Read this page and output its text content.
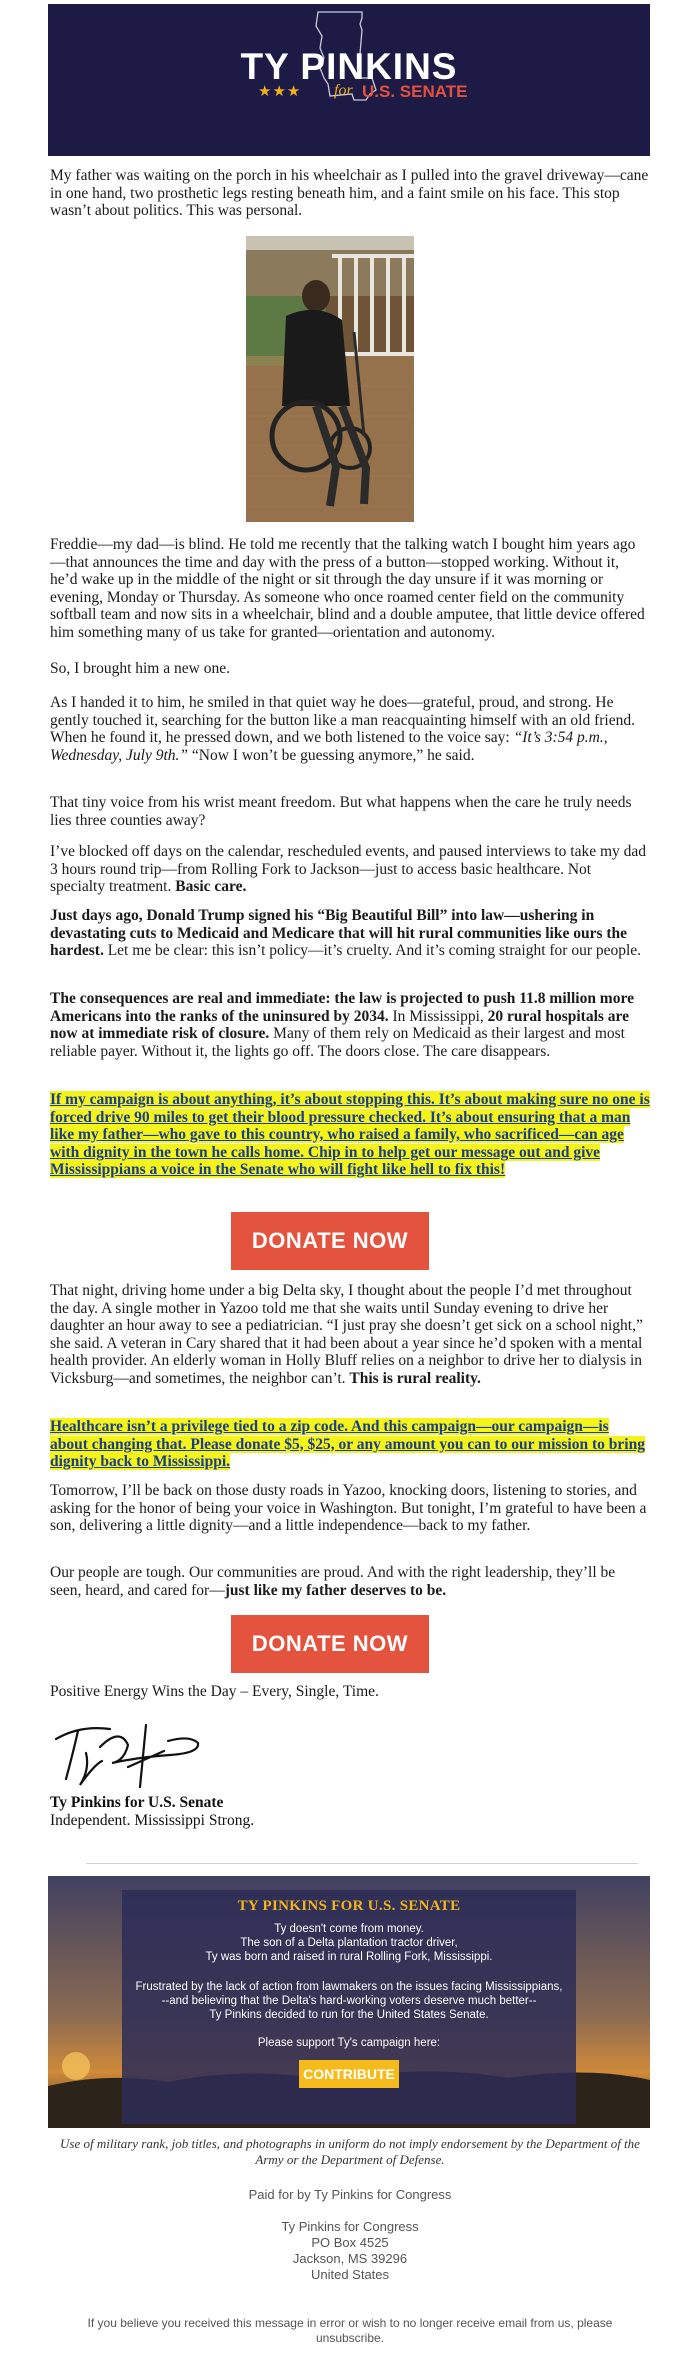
TY PINKINS
★★★ for U.S. SENATE

My father was waiting on the porch in his wheelchair as I pulled into the gravel driveway—cane in one hand, two prosthetic legs resting beneath him, and a faint smile on his face. This stop wasn’t about politics. This was personal.

Freddie—my dad—is blind. He told me recently that the talking watch I bought him years ago—that announces the time and day with the press of a button—stopped working. Without it, he’d wake up in the middle of the night or sit through the day unsure if it was morning or evening, Monday or Thursday. As someone who once roamed center field on the community softball team and now sits in a wheelchair, blind and a double amputee, that little device offered him something many of us take for granted—orientation and autonomy.

So, I brought him a new one.

As I handed it to him, he smiled in that quiet way he does—grateful, proud, and strong. He gently touched it, searching for the button like a man reacquainting himself with an old friend. When he found it, he pressed down, and we both listened to the voice say: “It’s 3:54 p.m., Wednesday, July 9th.” “Now I won’t be guessing anymore,” he said.

That tiny voice from his wrist meant freedom. But what happens when the care he truly needs lies three counties away?

I’ve blocked off days on the calendar, rescheduled events, and paused interviews to take my dad 3 hours round trip—from Rolling Fork to Jackson—just to access basic healthcare. Not specialty treatment. Basic care.

Just days ago, Donald Trump signed his “Big Beautiful Bill” into law—ushering in devastating cuts to Medicaid and Medicare that will hit rural communities like ours the hardest. Let me be clear: this isn’t policy—it’s cruelty. And it’s coming straight for our people.

The consequences are real and immediate: the law is projected to push 11.8 million more Americans into the ranks of the uninsured by 2034. In Mississippi, 20 rural hospitals are now at immediate risk of closure. Many of them rely on Medicaid as their largest and most reliable payer. Without it, the lights go off. The doors close. The care disappears.

If my campaign is about anything, it’s about stopping this. It’s about making sure no one is forced drive 90 miles to get their blood pressure checked. It’s about ensuring that a man like my father—who gave to this country, who raised a family, who sacrificed—can age with dignity in the town he calls home. Chip in to help get our message out and give Mississippians a voice in the Senate who will fight like hell to fix this!

DONATE NOW

That night, driving home under a big Delta sky, I thought about the people I’d met throughout the day. A single mother in Yazoo told me that she waits until Sunday evening to drive her daughter an hour away to see a pediatrician. “I just pray she doesn’t get sick on a school night,” she said. A veteran in Cary shared that it had been about a year since he’d spoken with a mental health provider. An elderly woman in Holly Bluff relies on a neighbor to drive her to dialysis in Vicksburg—and sometimes, the neighbor can’t. This is rural reality.

Healthcare isn’t a privilege tied to a zip code. And this campaign—our campaign—is about changing that. Please donate $5, $25, or any amount you can to our mission to bring dignity back to Mississippi.

Tomorrow, I’ll be back on those dusty roads in Yazoo, knocking doors, listening to stories, and asking for the honor of being your voice in Washington. But tonight, I’m grateful to have been a son, delivering a little dignity—and a little independence—back to my father.

Our people are tough. Our communities are proud. And with the right leadership, they’ll be seen, heard, and cared for—just like my father deserves to be.

DONATE NOW

Positive Energy Wins the Day – Every, Single, Time.

Ty Pinkins for U.S. Senate
Independent. Mississippi Strong.
TY PINKINS FOR U.S. SENATE
Ty doesn't come from money.
The son of a Delta plantation tractor driver,
Ty was born and raised in rural Rolling Fork, Mississippi.
Frustrated by the lack of action from lawmakers on the issues facing Mississippians,
--and believing that the Delta's hard-working voters deserve much better--
Ty Pinkins decided to run for the United States Senate.
Please support Ty's campaign here:
CONTRIBUTE
Use of military rank, job titles, and photographs in uniform do not imply endorsement by the Department of the Army or the Department of Defense.
Paid for by Ty Pinkins for Congress
Ty Pinkins for Congress
PO Box 4525
Jackson, MS 39296
United States
If you believe you received this message in error or wish to no longer receive email from us, please unsubscribe.
